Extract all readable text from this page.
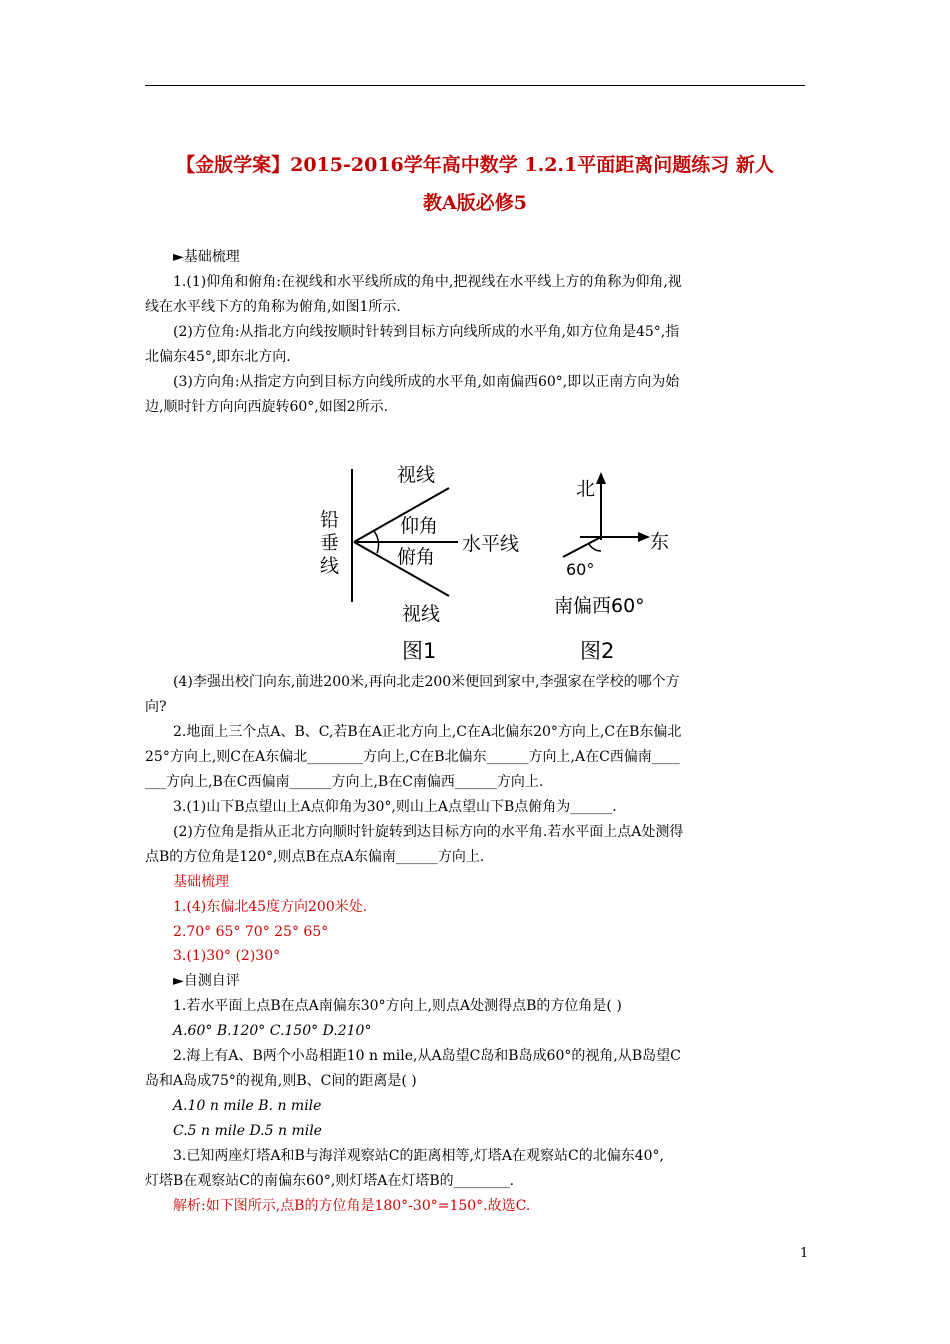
【金版学案】2015-2016学年高中数学 1.2.1平面距离问题练习 新人
教A版必修5
►基础梳理
1.(1)仰角和俯角:在视线和水平线所成的角中,把视线在水平线上方的角称为仰角,视
线在水平线下方的角称为俯角,如图1所示.
(2)方位角:从指北方向线按顺时针转到目标方向线所成的水平角,如方位角是45°,指
北偏东45°,即东北方向.
(3)方向角:从指定方向到目标方向线所成的水平角,如南偏西60°,即以正南方向为始
边,顺时针方向向西旋转60°,如图2所示.
视线
铅
垂
线
仰角
俯角
水平线
视线
图1
北
东
60°
南偏西60°
图2
(4)李强出校门向东,前进200米,再向北走200米便回到家中,李强家在学校的哪个方
向?
2.地面上三个点A、B、C,若B在A正北方向上,C在A北偏东20°方向上,C在B东偏北
25°方向上,则C在A东偏北________方向上,C在B北偏东______方向上,A在C西偏南____
___方向上,B在C西偏南______方向上,B在C南偏西______方向上.
3.(1)山下B点望山上A点仰角为30°,则山上A点望山下B点俯角为______.
(2)方位角是指从正北方向顺时针旋转到达目标方向的水平角.若水平面上点A处测得
点B的方位角是120°,则点B在点A东偏南______方向上.
基础梳理
1.(4)东偏北45度方向200米处.
2.70° 65° 70° 25° 65°
3.(1)30° (2)30°
►自测自评
1.若水平面上点B在点A南偏东30°方向上,则点A处测得点B的方位角是( )
A.60° B.120° C.150° D.210°
2.海上有A、B两个小岛相距10 n mile,从A岛望C岛和B岛成60°的视角,从B岛望C
岛和A岛成75°的视角,则B、C间的距离是( )
A.10 n mile B. n mile
C.5 n mile D.5 n mile
3.已知两座灯塔A和B与海洋观察站C的距离相等,灯塔A在观察站C的北偏东40°,
灯塔B在观察站C的南偏东60°,则灯塔A在灯塔B的________.
解析:如下图所示,点B的方位角是180°-30°=150°.故选C.
1
